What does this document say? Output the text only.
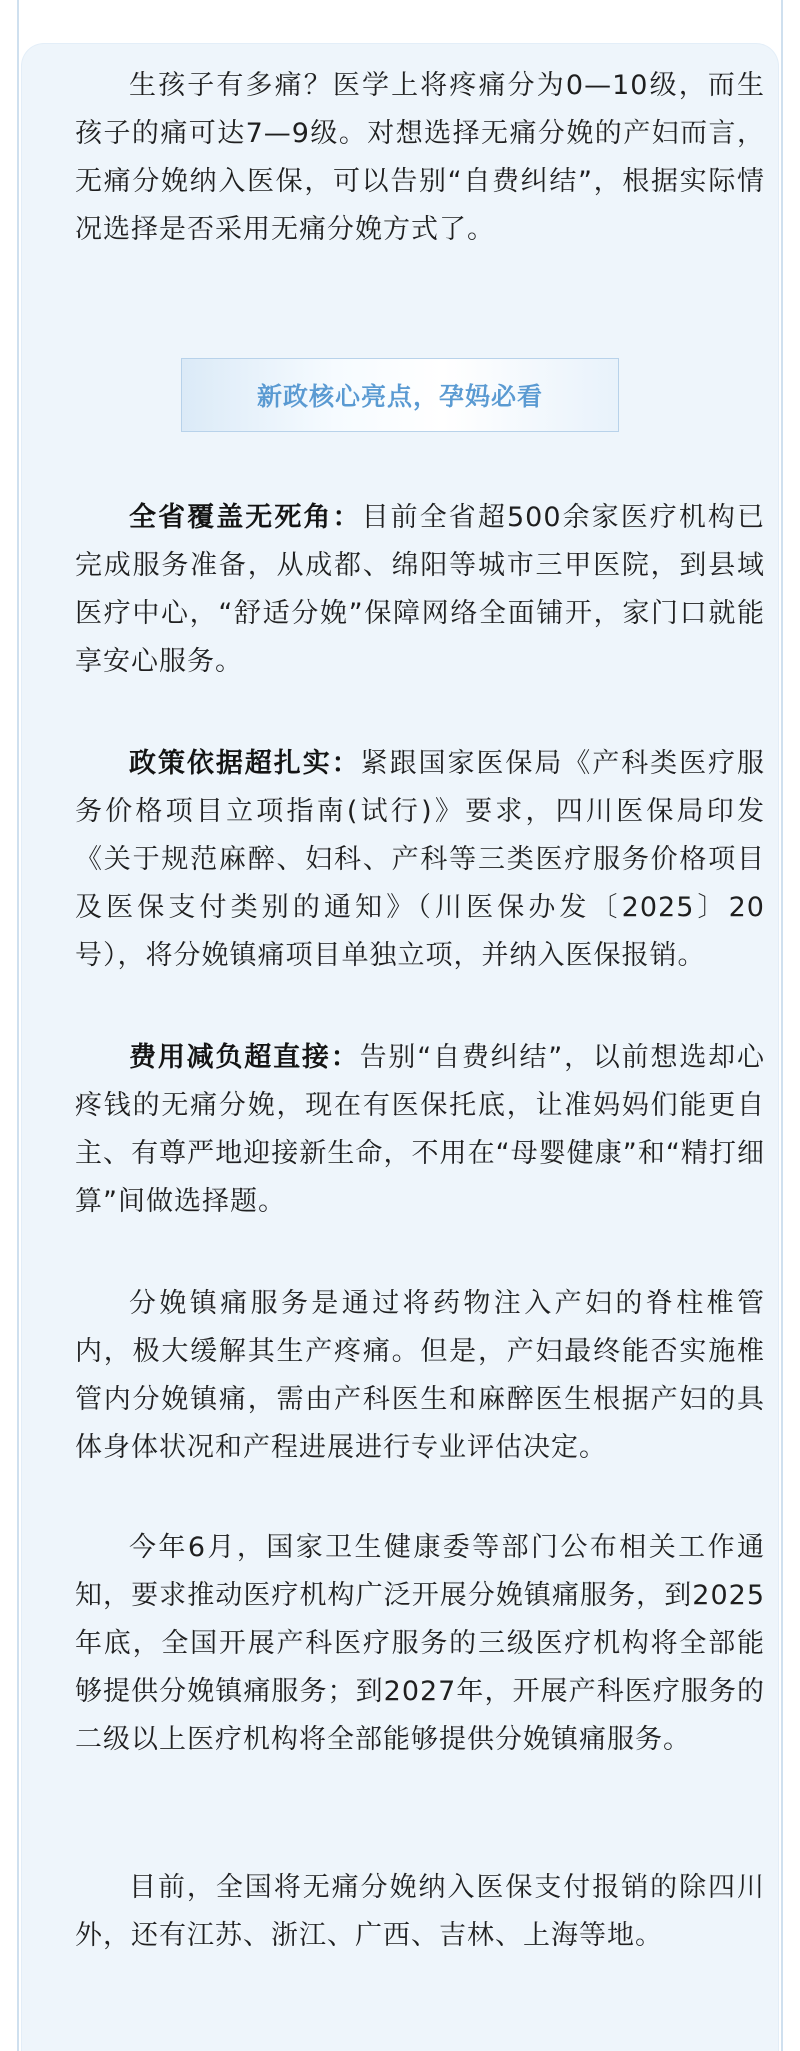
生孩子有多痛？医学上将疼痛分为0—10级，而生孩子的痛可达7—9级。对想选择无痛分娩的产妇而言，无痛分娩纳入医保，可以告别“自费纠结”，根据实际情况选择是否采用无痛分娩方式了。

新政核心亮点，孕妈必看

全省覆盖无死角：目前全省超500余家医疗机构已完成服务准备，从成都、绵阳等城市三甲医院，到县域医疗中心，“舒适分娩”保障网络全面铺开，家门口就能享安心服务。

政策依据超扎实：紧跟国家医保局《产科类医疗服务价格项目立项指南(试行)》要求，四川医保局印发《关于规范麻醉、妇科、产科等三类医疗服务价格项目及医保支付类别的通知》（川医保办发〔2025〕20号），将分娩镇痛项目单独立项，并纳入医保报销。

费用减负超直接：告别“自费纠结”，以前想选却心疼钱的无痛分娩，现在有医保托底，让准妈妈们能更自主、有尊严地迎接新生命，不用在“母婴健康”和“精打细算”间做选择题。

分娩镇痛服务是通过将药物注入产妇的脊柱椎管内，极大缓解其生产疼痛。但是，产妇最终能否实施椎管内分娩镇痛，需由产科医生和麻醉医生根据产妇的具体身体状况和产程进展进行专业评估决定。

今年6月，国家卫生健康委等部门公布相关工作通知，要求推动医疗机构广泛开展分娩镇痛服务，到2025年底，全国开展产科医疗服务的三级医疗机构将全部能够提供分娩镇痛服务；到2027年，开展产科医疗服务的二级以上医疗机构将全部能够提供分娩镇痛服务。

目前，全国将无痛分娩纳入医保支付报销的除四川外，还有江苏、浙江、广西、吉林、上海等地。
